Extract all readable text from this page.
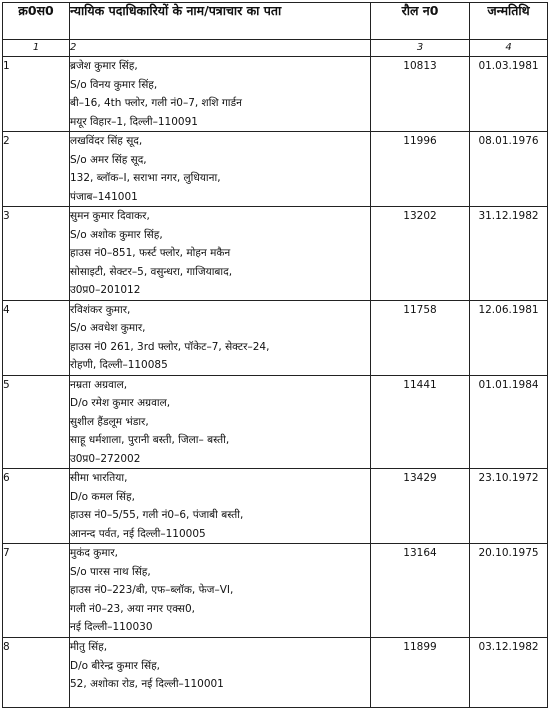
क्र0स0	न्यायिक पदाधिकारियों के नाम/पत्राचार का पता	रौल न0	जन्मतिथि
1	2	3	4
1	ब्रजेश कुमार सिंह,
S/o विनय कुमार सिंह,
बी–16, 4th फ्लोर, गली नं0–7, शशि गार्डन
मयूर विहार–1, दिल्ली–110091	10813	01.03.1981
2	लखविंदर सिंह सूद,
S/o अमर सिंह सूद,
132, ब्लॉक–I, सराभा नगर, लुधियाना,
पंजाब–141001	11996	08.01.1976
3	सुमन कुमार दिवाकर,
S/o अशोक कुमार सिंह,
हाउस नं0–851, फर्स्ट फ्लोर, मोहन मकैन
सोसाइटी, सेक्टर–5, वसुन्धरा, गाजियाबाद,
उ0प्र0–201012	13202	31.12.1982
4	रविशंकर कुमार,
S/o अवधेश कुमार,
हाउस नं0 261, 3rd फ्लोर, पॉकेट–7, सेक्टर–24,
रोहणी, दिल्ली–110085	11758	12.06.1981
5	नम्रता अग्रवाल,
D/o रमेश कुमार अग्रवाल,
सुशील हैंडलूम भंडार,
साहू धर्मशाला, पुरानी बस्ती, जिला– बस्ती,
उ0प्र0–272002	11441	01.01.1984
6	सीमा भारतिया,
D/o कमल सिंह,
हाउस नं0–5/55, गली नं0–6, पंजाबी बस्ती,
आनन्द पर्वत, नई दिल्ली–110005	13429	23.10.1972
7	मुकंद कुमार,
S/o पारस नाथ सिंह,
हाउस नं0–223/बी, एफ–ब्लॉक, फेज–VI,
गली नं0–23, अया नगर एक्स0,
नई दिल्ली–110030	13164	20.10.1975
8	मीतु सिंह,
D/o बीरेन्द्र कुमार सिंह,
52, अशोका रोड, नई दिल्ली–110001	11899	03.12.1982
